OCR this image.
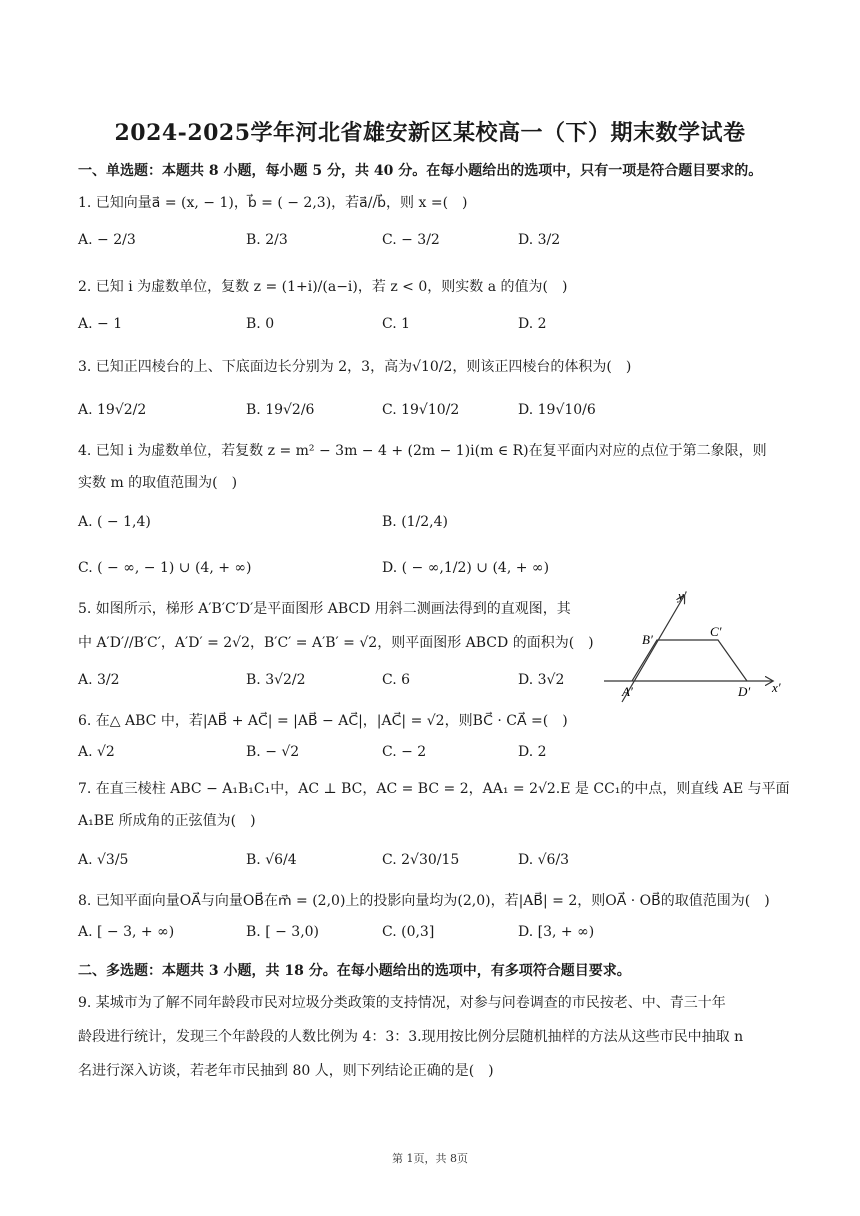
2024-2025学年河北省雄安新区某校高一（下）期末数学试卷
一、单选题：本题共 8 小题，每小题 5 分，共 40 分。在每小题给出的选项中，只有一项是符合题目要求的。
1. 已知向量a⃗ = (x, − 1)，b⃗ = ( − 2,3)，若a⃗//b⃗，则 x =(　)
A. − 2/3	B. 2/3	C. − 3/2	D. 3/2
2. 已知 i 为虚数单位，复数 z = (1+i)/(a−i)，若 z < 0，则实数 a 的值为(　)
A. − 1	B. 0	C. 1	D. 2
3. 已知正四棱台的上、下底面边长分别为 2，3，高为√10/2，则该正四棱台的体积为(　)
A. 19√2/2	B. 19√2/6	C. 19√10/2	D. 19√10/6
4. 已知 i 为虚数单位，若复数 z = m² − 3m − 4 + (2m − 1)i(m ∈ R)在复平面内对应的点位于第二象限，则
实数 m 的取值范围为(　)
A. ( − 1,4)	B. (1/2,4)
C. ( − ∞, − 1) ∪ (4, + ∞)	D. ( − ∞,1/2) ∪ (4, + ∞)
5. 如图所示，梯形 A′B′C′D′是平面图形 ABCD 用斜二测画法得到的直观图，其
中 A′D′//B′C′，A′D′ = 2√2，B′C′ = A′B′ = √2，则平面图形 ABCD 的面积为(　)
A. 3/2	B. 3√2/2	C. 6	D. 3√2
y′
x′
A′
B′
C′
D′
6. 在△ ABC 中，若|AB⃗ + AC⃗| = |AB⃗ − AC⃗|，|AC⃗| = √2，则BC⃗ · CA⃗ =(　)
A. √2	B. − √2	C. − 2	D. 2
7. 在直三棱柱 ABC − A₁B₁C₁中，AC ⊥ BC，AC = BC = 2，AA₁ = 2√2.E 是 CC₁的中点，则直线 AE 与平面
A₁BE 所成角的正弦值为(　)
A. √3/5	B. √6/4	C. 2√30/15	D. √6/3
8. 已知平面向量OA⃗与向量OB⃗在m⃗ = (2,0)上的投影向量均为(2,0)，若|AB⃗| = 2，则OA⃗ · OB⃗的取值范围为(　)
A. [ − 3, + ∞)	B. [ − 3,0)	C. (0,3]	D. [3, + ∞)
二、多选题：本题共 3 小题，共 18 分。在每小题给出的选项中，有多项符合题目要求。
9. 某城市为了解不同年龄段市民对垃圾分类政策的支持情况，对参与问卷调查的市民按老、中、青三十年
龄段进行统计，发现三个年龄段的人数比例为 4：3：3.现用按比例分层随机抽样的方法从这些市民中抽取 n
名进行深入访谈，若老年市民抽到 80 人，则下列结论正确的是(　)
第 1页，共 8页
